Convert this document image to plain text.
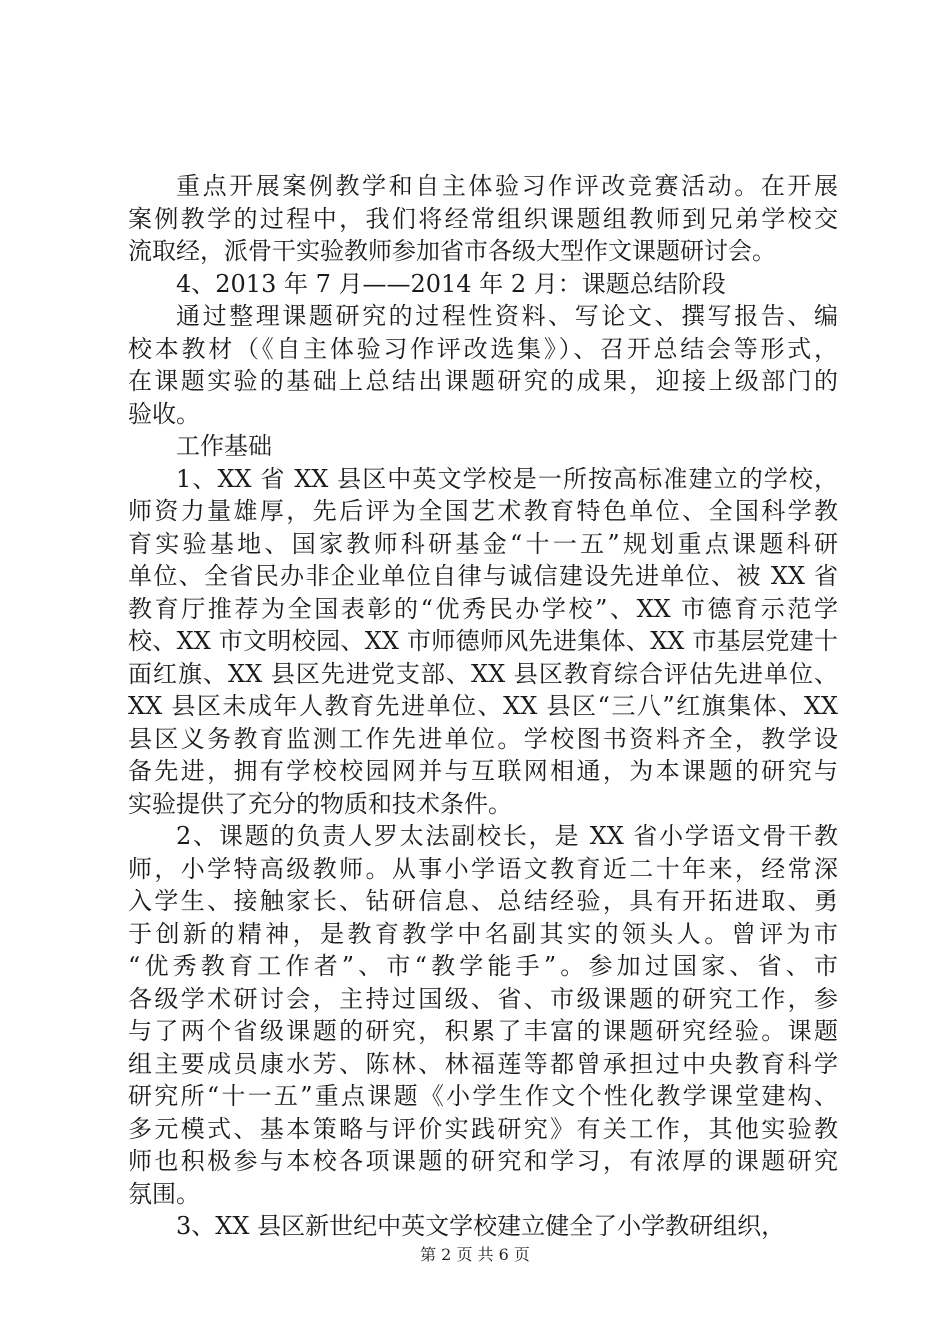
重点开展案例教学和自主体验习作评改竞赛活动。在开展
案例教学的过程中，我们将经常组织课题组教师到兄弟学校交
流取经，派骨干实验教师参加省市各级大型作文课题研讨会。
4、2013 年 7 月——2014 年 2 月：课题总结阶段
通过整理课题研究的过程性资料、写论文、撰写报告、编
校本教材（《自主体验习作评改选集》）、召开总结会等形式，
在课题实验的基础上总结出课题研究的成果，迎接上级部门的
验收。
工作基础
1、XX 省 XX 县区中英文学校是一所按高标准建立的学校，
师资力量雄厚，先后评为全国艺术教育特色单位、全国科学教
育实验基地、国家教师科研基金“十一五”规划重点课题科研
单位、全省民办非企业单位自律与诚信建设先进单位、被 XX 省
教育厅推荐为全国表彰的“优秀民办学校”、XX 市德育示范学
校、XX 市文明校园、XX 市师德师风先进集体、XX 市基层党建十
面红旗、XX 县区先进党支部、XX 县区教育综合评估先进单位、
XX 县区未成年人教育先进单位、XX 县区“三八”红旗集体、XX
县区义务教育监测工作先进单位。学校图书资料齐全，教学设
备先进，拥有学校校园网并与互联网相通，为本课题的研究与
实验提供了充分的物质和技术条件。
2、课题的负责人罗太法副校长，是 XX 省小学语文骨干教
师，小学特高级教师。从事小学语文教育近二十年来，经常深
入学生、接触家长、钻研信息、总结经验，具有开拓进取、勇
于创新的精神，是教育教学中名副其实的领头人。曾评为市
“优秀教育工作者”、市“教学能手”。参加过国家、省、市
各级学术研讨会，主持过国级、省、市级课题的研究工作，参
与了两个省级课题的研究，积累了丰富的课题研究经验。课题
组主要成员康水芳、陈林、林福莲等都曾承担过中央教育科学
研究所“十一五”重点课题《小学生作文个性化教学课堂建构、
多元模式、基本策略与评价实践研究》有关工作，其他实验教
师也积极参与本校各项课题的研究和学习，有浓厚的课题研究
氛围。
3、XX 县区新世纪中英文学校建立健全了小学教研组织，
第 2 页 共 6 页
